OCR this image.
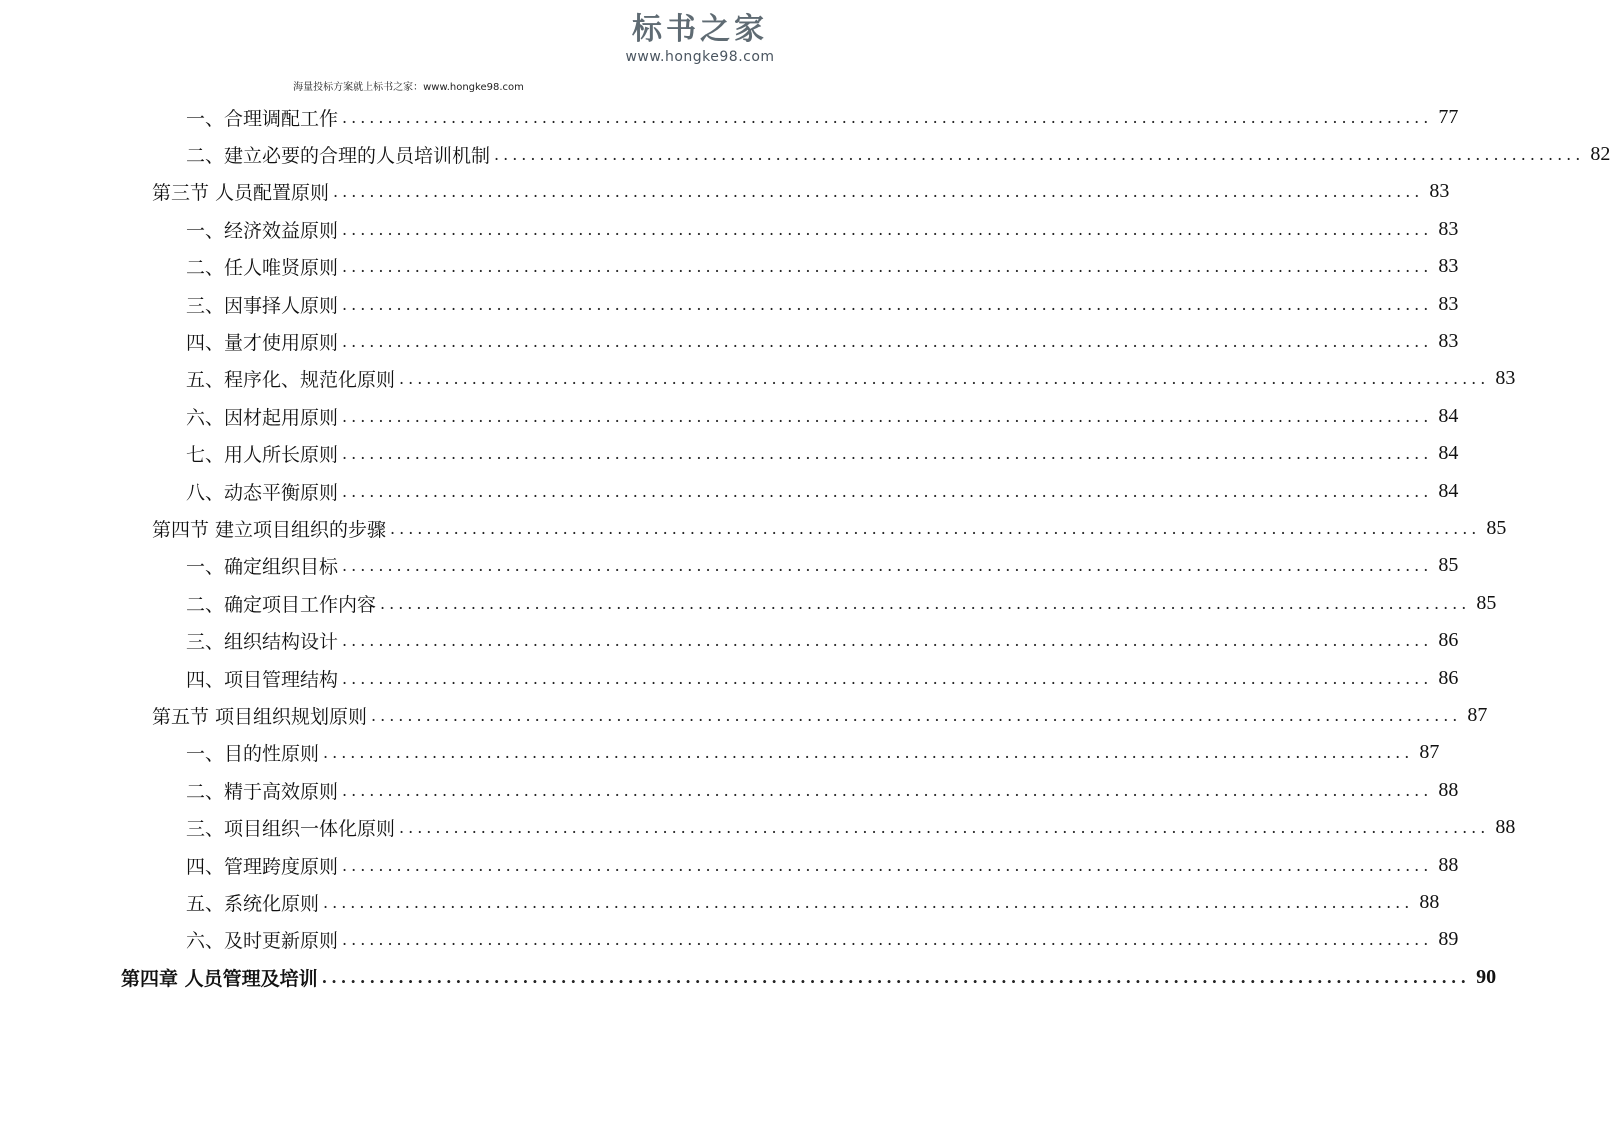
标书之家
www.hongke98.com
海量投标方案就上标书之家：www.hongke98.com
一、合理调配工作 ........................................................................................................................ 77
二、建立必要的合理的人员培训机制 ........................................................................................................................ 82
第三节 人员配置原则 ........................................................................................................................ 83
一、经济效益原则 ........................................................................................................................ 83
二、任人唯贤原则 ........................................................................................................................ 83
三、因事择人原则 ........................................................................................................................ 83
四、量才使用原则 ........................................................................................................................ 83
五、程序化、规范化原则 ........................................................................................................................ 83
六、因材起用原则 ........................................................................................................................ 84
七、用人所长原则 ........................................................................................................................ 84
八、动态平衡原则 ........................................................................................................................ 84
第四节 建立项目组织的步骤 ........................................................................................................................ 85
一、确定组织目标 ........................................................................................................................ 85
二、确定项目工作内容 ........................................................................................................................ 85
三、组织结构设计 ........................................................................................................................ 86
四、项目管理结构 ........................................................................................................................ 86
第五节 项目组织规划原则 ........................................................................................................................ 87
一、目的性原则 ........................................................................................................................ 87
二、精于高效原则 ........................................................................................................................ 88
三、项目组织一体化原则 ........................................................................................................................ 88
四、管理跨度原则 ........................................................................................................................ 88
五、系统化原则 ........................................................................................................................ 88
六、及时更新原则 ........................................................................................................................ 89
第四章 人员管理及培训 ........................................................................................................................ 90
